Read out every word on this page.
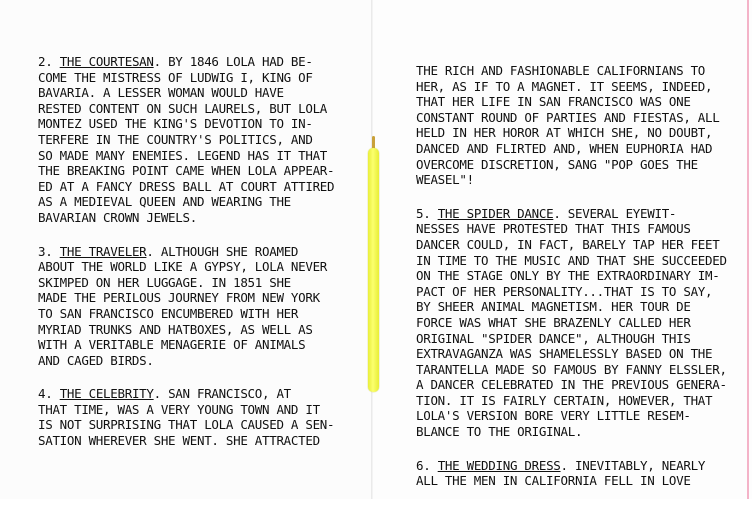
2. THE COURTESAN. BY 1846 LOLA HAD BE-
COME THE MISTRESS OF LUDWIG I, KING OF
BAVARIA. A LESSER WOMAN WOULD HAVE
RESTED CONTENT ON SUCH LAURELS, BUT LOLA
MONTEZ USED THE KING'S DEVOTION TO IN-
TERFERE IN THE COUNTRY'S POLITICS, AND
SO MADE MANY ENEMIES. LEGEND HAS IT THAT
THE BREAKING POINT CAME WHEN LOLA APPEAR-
ED AT A FANCY DRESS BALL AT COURT ATTIRED
AS A MEDIEVAL QUEEN AND WEARING THE
BAVARIAN CROWN JEWELS.
3. THE TRAVELER. ALTHOUGH SHE ROAMED
ABOUT THE WORLD LIKE A GYPSY, LOLA NEVER
SKIMPED ON HER LUGGAGE. IN 1851 SHE
MADE THE PERILOUS JOURNEY FROM NEW YORK
TO SAN FRANCISCO ENCUMBERED WITH HER
MYRIAD TRUNKS AND HATBOXES, AS WELL AS
WITH A VERITABLE MENAGERIE OF ANIMALS
AND CAGED BIRDS.
4. THE CELEBRITY. SAN FRANCISCO, AT
THAT TIME, WAS A VERY YOUNG TOWN AND IT
IS NOT SURPRISING THAT LOLA CAUSED A SEN-
SATION WHEREVER SHE WENT. SHE ATTRACTED
THE RICH AND FASHIONABLE CALIFORNIANS TO
HER, AS IF TO A MAGNET. IT SEEMS, INDEED,
THAT HER LIFE IN SAN FRANCISCO WAS ONE
CONSTANT ROUND OF PARTIES AND FIESTAS, ALL
HELD IN HER HOROR AT WHICH SHE, NO DOUBT,
DANCED AND FLIRTED AND, WHEN EUPHORIA HAD
OVERCOME DISCRETION, SANG "POP GOES THE
WEASEL"!
5. THE SPIDER DANCE. SEVERAL EYEWIT-
NESSES HAVE PROTESTED THAT THIS FAMOUS
DANCER COULD, IN FACT, BARELY TAP HER FEET
IN TIME TO THE MUSIC AND THAT SHE SUCCEEDED
ON THE STAGE ONLY BY THE EXTRAORDINARY IM-
PACT OF HER PERSONALITY...THAT IS TO SAY,
BY SHEER ANIMAL MAGNETISM. HER TOUR DE
FORCE WAS WHAT SHE BRAZENLY CALLED HER
ORIGINAL "SPIDER DANCE", ALTHOUGH THIS
EXTRAVAGANZA WAS SHAMELESSLY BASED ON THE
TARANTELLA MADE SO FAMOUS BY FANNY ELSSLER,
A DANCER CELEBRATED IN THE PREVIOUS GENERA-
TION. IT IS FAIRLY CERTAIN, HOWEVER, THAT
LOLA'S VERSION BORE VERY LITTLE RESEM-
BLANCE TO THE ORIGINAL.
6. THE WEDDING DRESS. INEVITABLY, NEARLY
ALL THE MEN IN CALIFORNIA FELL IN LOVE
